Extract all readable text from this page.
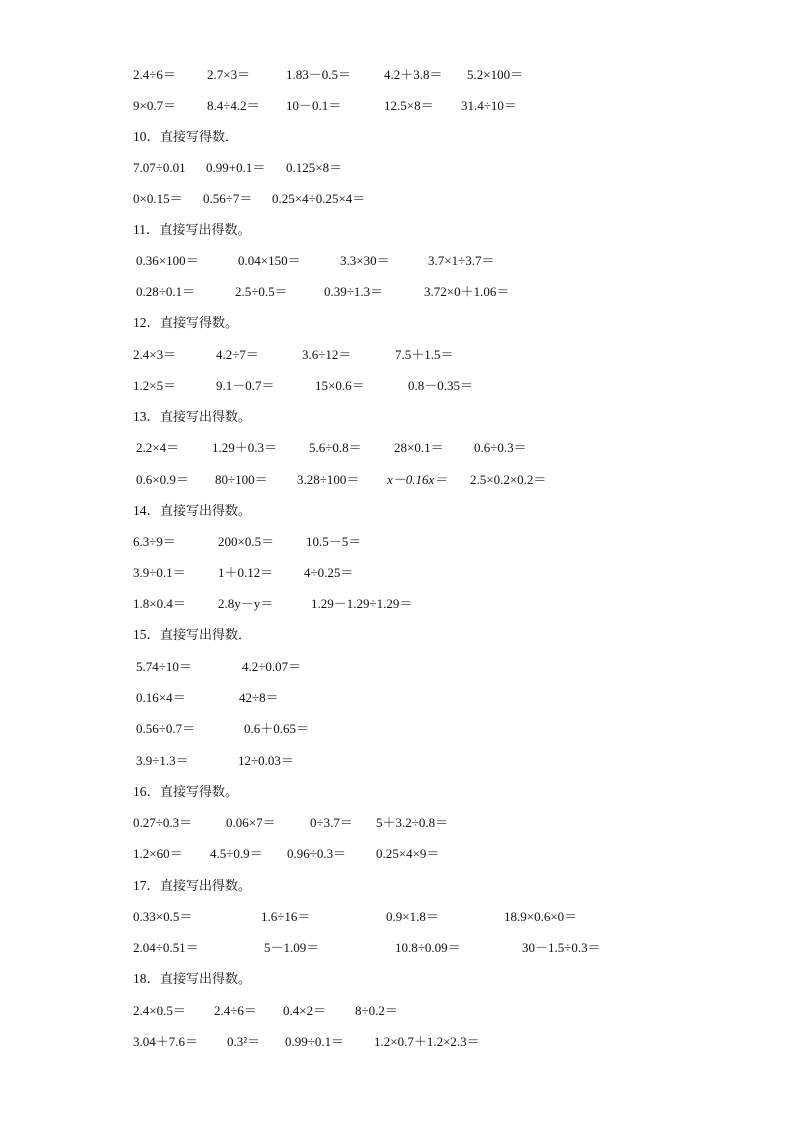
2.4÷6＝ 2.7×3＝	1.83－0.5＝	4.2＋3.8＝ 5.2×100＝
9×0.7＝ 8.4÷4.2＝ 10－0.1＝	12.5×8＝ 31.4÷10＝
10．直接写得数．
7.07÷0.01 0.99+0.1＝ 0.125×8＝
0×0.15＝ 0.56÷7＝ 0.25×4÷0.25×4＝
11．直接写出得数。
0.36×100＝	0.04×150＝	3.3×30＝	3.7×1÷3.7＝
0.28÷0.1＝	2.5÷0.5＝	0.39÷1.3＝	3.72×0＋1.06＝
12．直接写得数。
2.4×3＝	4.2÷7＝	3.6÷12＝	7.5＋1.5＝
1.2×5＝	9.1－0.7＝	15×0.6＝	0.8－0.35＝
13．直接写出得数。
2.2×4＝	1.29＋0.3＝ 5.6÷0.8＝ 28×0.1＝ 0.6÷0.3＝
0.6×0.9＝ 80÷100＝ 3.28÷100＝ x－0.16x＝ 2.5×0.2×0.2＝
14．直接写出得数。
6.3÷9＝	200×0.5＝ 10.5－5＝
3.9÷0.1＝ 1＋0.12＝ 4÷0.25＝
1.8×0.4＝ 2.8y－y＝	1.29－1.29÷1.29＝
15．直接写出得数．
5.74÷10＝	4.2÷0.07＝
0.16×4＝	42÷8＝
0.56÷0.7＝	0.6＋0.65＝
3.9÷1.3＝	12÷0.03＝
16．直接写得数。
0.27÷0.3＝	0.06×7＝	0÷3.7＝ 5＋3.2÷0.8＝
1.2×60＝ 4.5÷0.9＝ 0.96÷0.3＝ 0.25×4×9＝
17．直接写出得数。
0.33×0.5＝	1.6÷16＝	0.9×1.8＝	18.9×0.6×0＝
2.04÷0.51＝	5－1.09＝	10.8÷0.09＝	30－1.5÷0.3＝
18．直接写出得数。
2.4×0.5＝ 2.4÷6＝ 0.4×2＝ 8÷0.2＝
3.04＋7.6＝ 0.3²＝ 0.99÷0.1＝ 1.2×0.7＋1.2×2.3＝
